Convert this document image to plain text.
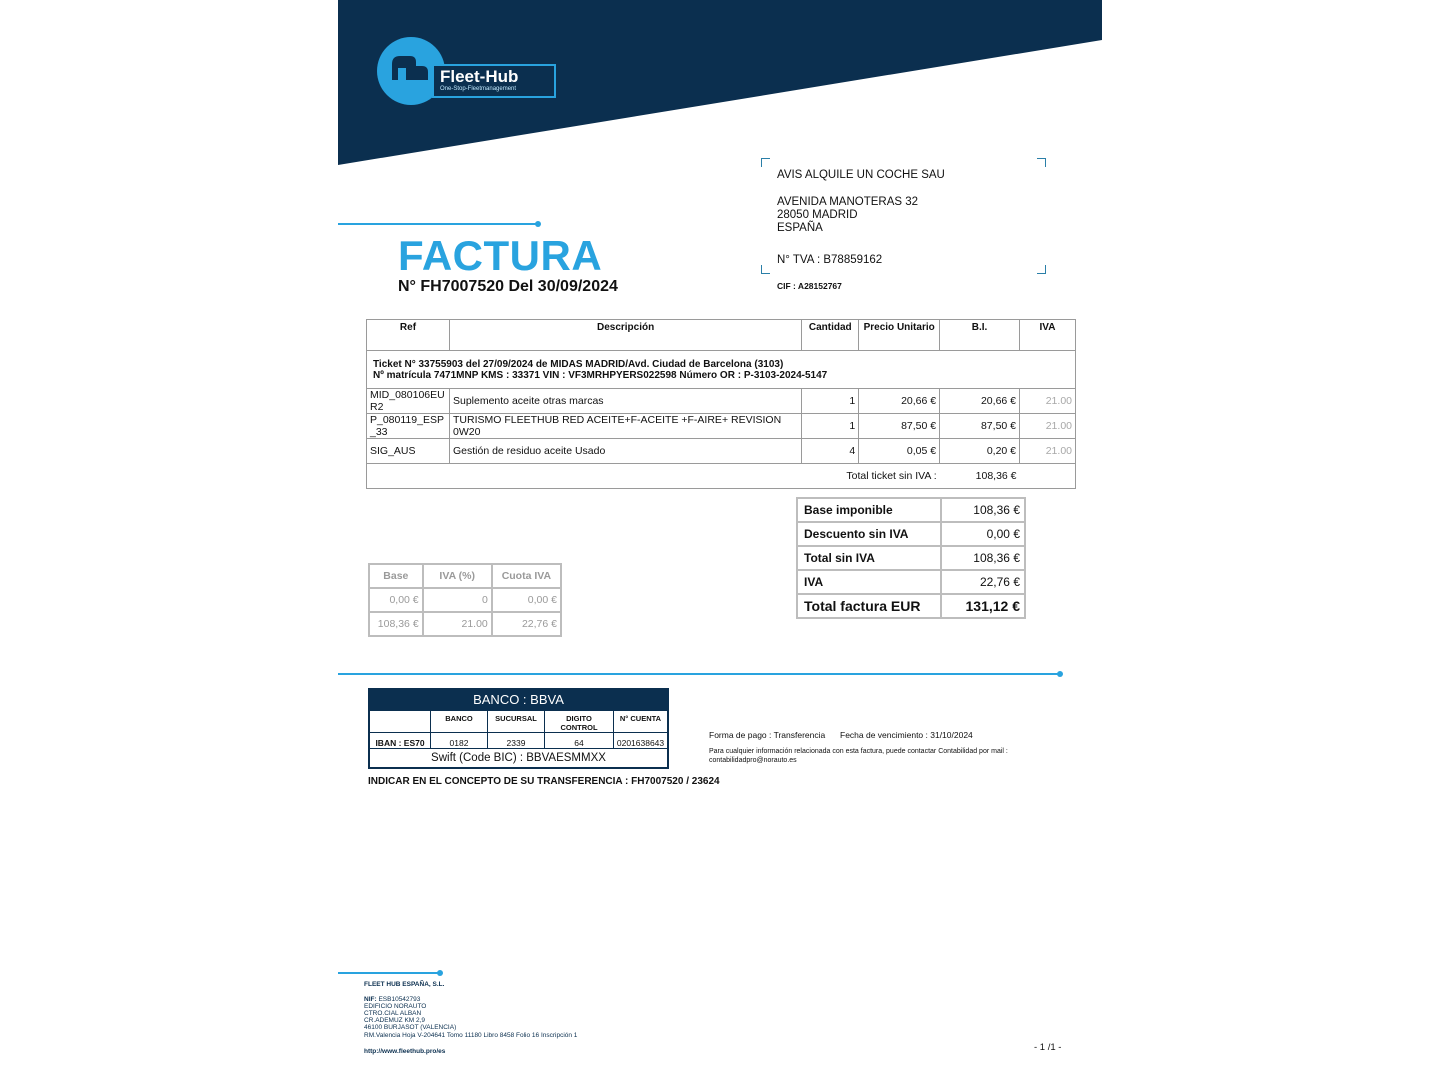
Fleet-Hub
One-Stop-Fleetmanagement
FACTURA
N° FH7007520 Del 30/09/2024
AVIS ALQUILE UN COCHE SAU
AVENIDA MANOTERAS 32
28050 MADRID
ESPAÑA
N° TVA : B78859162
CIF : A28152767
Ref	Descripción	Cantidad	Precio Unitario	B.I.	IVA

Ticket N° 33755903 del 27/09/2024 de MIDAS MADRID/Avd. Ciudad de Barcelona (3103)
Nº matrícula 7471MNP KMS : 33371 VIN : VF3MRHPYERS022598 Número OR : P-3103-2024-5147					

MID_080106EU R2	Suplemento aceite otras marcas	1	20,66 €	20,66 €	21.00
P_080119_ESP _33	TURISMO FLEETHUB RED ACEITE+F-ACEITE +F-AIRE+ REVISION 0W20	1	87,50 €	87,50 €	21.00
SIG_AUS	Gestión de residuo aceite Usado	4	0,05 €	0,20 €	21.00
Total ticket sin IVA :				108,36 €	
Base imponible	108,36 €
Descuento sin IVA	0,00 €
Total sin IVA	108,36 €
IVA	22,76 €
Total factura EUR	131,12 €
Base	IVA (%)	Cuota IVA
0,00 €	0	0,00 €
108,36 €	21.00	22,76 €
BANCO : BBVA
	BANCO	SUCURSAL	DIGITO CONTROL	N° CUENTA
IBAN : ES70	0182	2339	64	0201638643
Swift (Code BIC) : BBVAESMMXX
Forma de pago : Transferencia Fecha de vencimiento : 31/10/2024
Para cualquier información relacionada con esta factura, puede contactar Contabilidad por mail :
contabilidadpro@norauto.es
INDICAR EN EL CONCEPTO DE SU TRANSFERENCIA : FH7007520 / 23624
FLEET HUB ESPAÑA, S.L.
NIF: ESB10542793
EDIFICIO NORAUTO
CTRO.CIAL ALBAN
CR.ADEMUZ KM 2,9
46100 BURJASOT (VALENCIA)
RM.Valencia Hoja V-204641 Tomo 11180 Libro 8458 Folio 16 Inscripción 1
http://www.fleethub.pro/es	- 1 /1 -
